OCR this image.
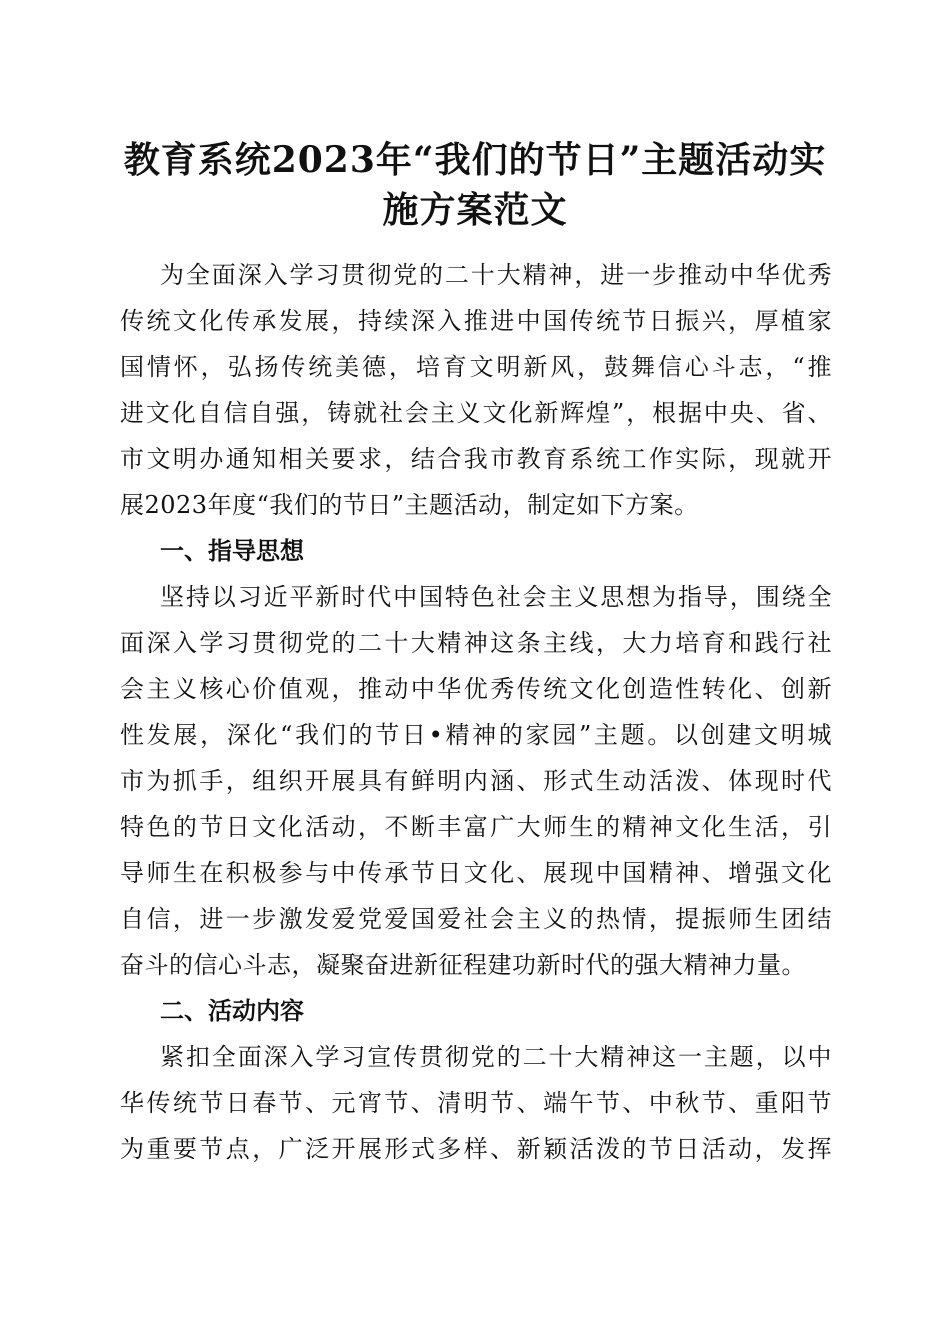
教育系统2023年“我们的节日”主题活动实
施方案范文
为全面深入学习贯彻党的二十大精神，进一步推动中华优秀
传统文化传承发展，持续深入推进中国传统节日振兴，厚植家
国情怀，弘扬传统美德，培育文明新风，鼓舞信心斗志，“推
进文化自信自强，铸就社会主义文化新辉煌”，根据中央、省、
市文明办通知相关要求，结合我市教育系统工作实际，现就开
展2023年度“我们的节日”主题活动，制定如下方案。
一、指导思想
坚持以习近平新时代中国特色社会主义思想为指导，围绕全
面深入学习贯彻党的二十大精神这条主线，大力培育和践行社
会主义核心价值观，推动中华优秀传统文化创造性转化、创新
性发展，深化“我们的节日•精神的家园”主题。以创建文明城
市为抓手，组织开展具有鲜明内涵、形式生动活泼、体现时代
特色的节日文化活动，不断丰富广大师生的精神文化生活，引
导师生在积极参与中传承节日文化、展现中国精神、增强文化
自信，进一步激发爱党爱国爱社会主义的热情，提振师生团结
奋斗的信心斗志，凝聚奋进新征程建功新时代的强大精神力量。
二、活动内容
紧扣全面深入学习宣传贯彻党的二十大精神这一主题，以中
华传统节日春节、元宵节、清明节、端午节、中秋节、重阳节
为重要节点，广泛开展形式多样、新颖活泼的节日活动，发挥
